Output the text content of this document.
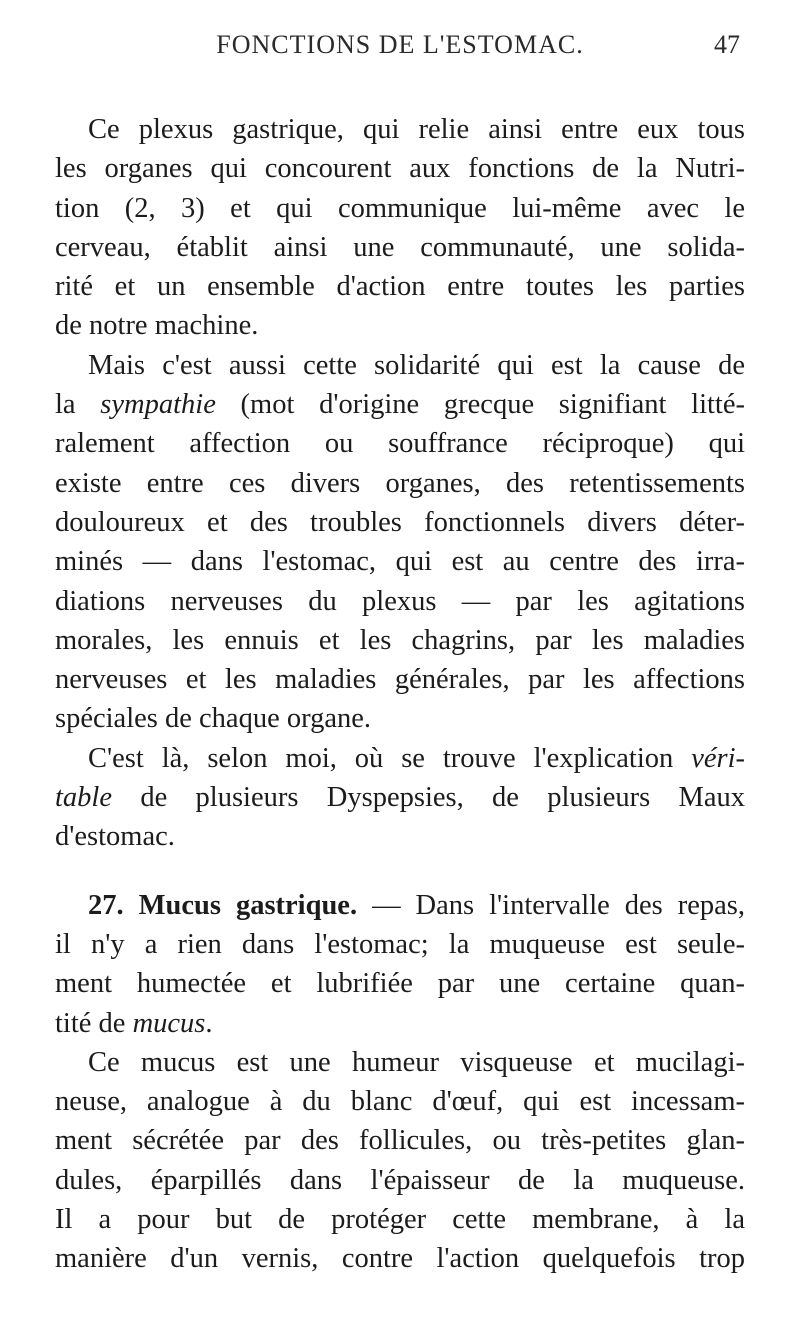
FONCTIONS DE L'ESTOMAC.	47
Ce plexus gastrique, qui relie ainsi entre eux tous
les organes qui concourent aux fonctions de la Nutri-
tion (2, 3) et qui communique lui-même avec le
cerveau, établit ainsi une communauté, une solida-
rité et un ensemble d'action entre toutes les parties
de notre machine.
Mais c'est aussi cette solidarité qui est la cause de
la sympathie (mot d'origine grecque signifiant litté-
ralement affection ou souffrance réciproque) qui
existe entre ces divers organes, des retentissements
douloureux et des troubles fonctionnels divers déter-
minés — dans l'estomac, qui est au centre des irra-
diations nerveuses du plexus — par les agitations
morales, les ennuis et les chagrins, par les maladies
nerveuses et les maladies générales, par les affections
spéciales de chaque organe.
C'est là, selon moi, où se trouve l'explication véri-
table de plusieurs Dyspepsies, de plusieurs Maux
d'estomac.
27. Mucus gastrique. — Dans l'intervalle des repas,
il n'y a rien dans l'estomac; la muqueuse est seule-
ment humectée et lubrifiée par une certaine quan-
tité de mucus.
Ce mucus est une humeur visqueuse et mucilagi-
neuse, analogue à du blanc d'œuf, qui est incessam-
ment sécrétée par des follicules, ou très-petites glan-
dules, éparpillés dans l'épaisseur de la muqueuse.
Il a pour but de protéger cette membrane, à la
manière d'un vernis, contre l'action quelquefois trop
